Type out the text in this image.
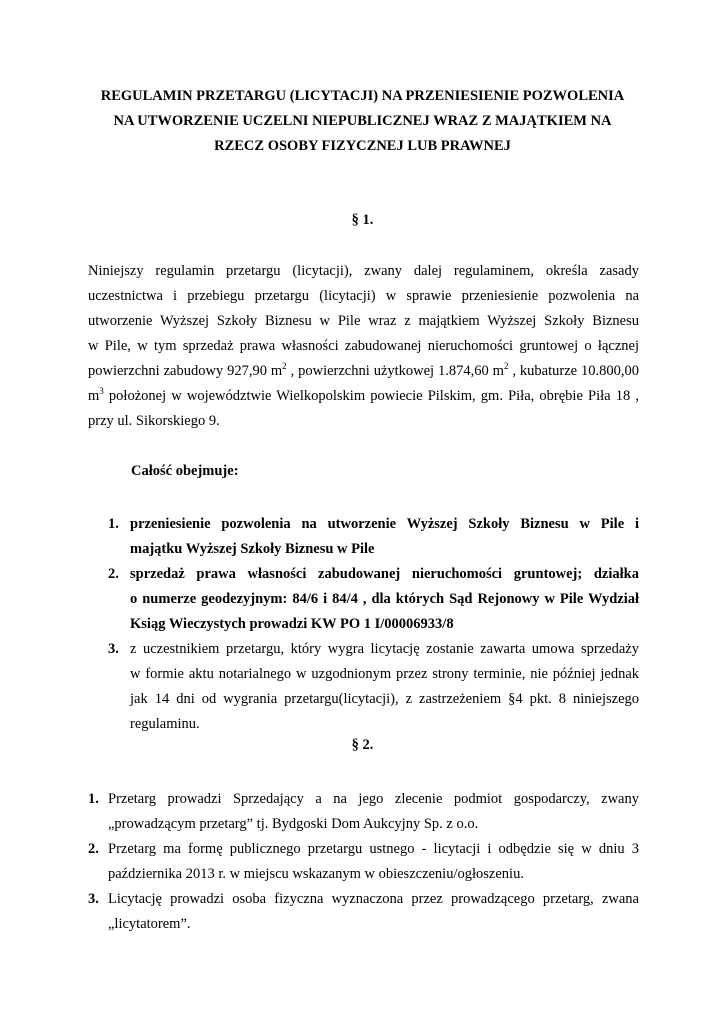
REGULAMIN PRZETARGU (LICYTACJI) NA PRZENIESIENIE POZWOLENIA
NA UTWORZENIE UCZELNI NIEPUBLICZNEJ WRAZ Z MAJĄTKIEM NA
RZECZ OSOBY FIZYCZNEJ LUB PRAWNEJ
§ 1.
Niniejszy regulamin przetargu (licytacji), zwany dalej regulaminem, określa zasady
uczestnictwa i przebiegu przetargu (licytacji) w sprawie przeniesienie pozwolenia na
utworzenie Wyższej Szkoły Biznesu w Pile wraz z majątkiem Wyższej Szkoły Biznesu
w Pile, w tym sprzedaż prawa własności zabudowanej nieruchomości gruntowej o łącznej
powierzchni zabudowy 927,90 $m^2$ , powierzchni użytkowej 1.874,60 $m^2$ , kubaturze 10.800,00
$m^3$ położonej w województwie Wielkopolskim powiecie Pilskim, gm. Piła, obrębie Piła 18 ,
przy ul. Sikorskiego 9.
Całość obejmuje:
1. przeniesienie pozwolenia na utworzenie Wyższej Szkoły Biznesu w Pile i
majątku Wyższej Szkoły Biznesu w Pile
2. sprzedaż prawa własności zabudowanej nieruchomości gruntowej; działka
o numerze geodezyjnym: 84/6 i 84/4 , dla których Sąd Rejonowy w Pile Wydział
Ksiąg Wieczystych prowadzi KW PO 1 I/00006933/8
3. z uczestnikiem przetargu, który wygra licytację zostanie zawarta umowa sprzedaży
w formie aktu notarialnego w uzgodnionym przez strony terminie, nie później jednak
jak 14 dni od wygrania przetargu(licytacji), z zastrzeżeniem §4 pkt. 8 niniejszego
regulaminu.
§ 2.
1. Przetarg prowadzi Sprzedający a na jego zlecenie podmiot gospodarczy, zwany
„prowadzącym przetarg” tj. Bydgoski Dom Aukcyjny Sp. z o.o.
2. Przetarg ma formę publicznego przetargu ustnego - licytacji i odbędzie się w dniu 3
października 2013 r. w miejscu wskazanym w obieszczeniu/ogłoszeniu.
3. Licytację prowadzi osoba fizyczna wyznaczona przez prowadzącego przetarg, zwana
„licytatorem”.
